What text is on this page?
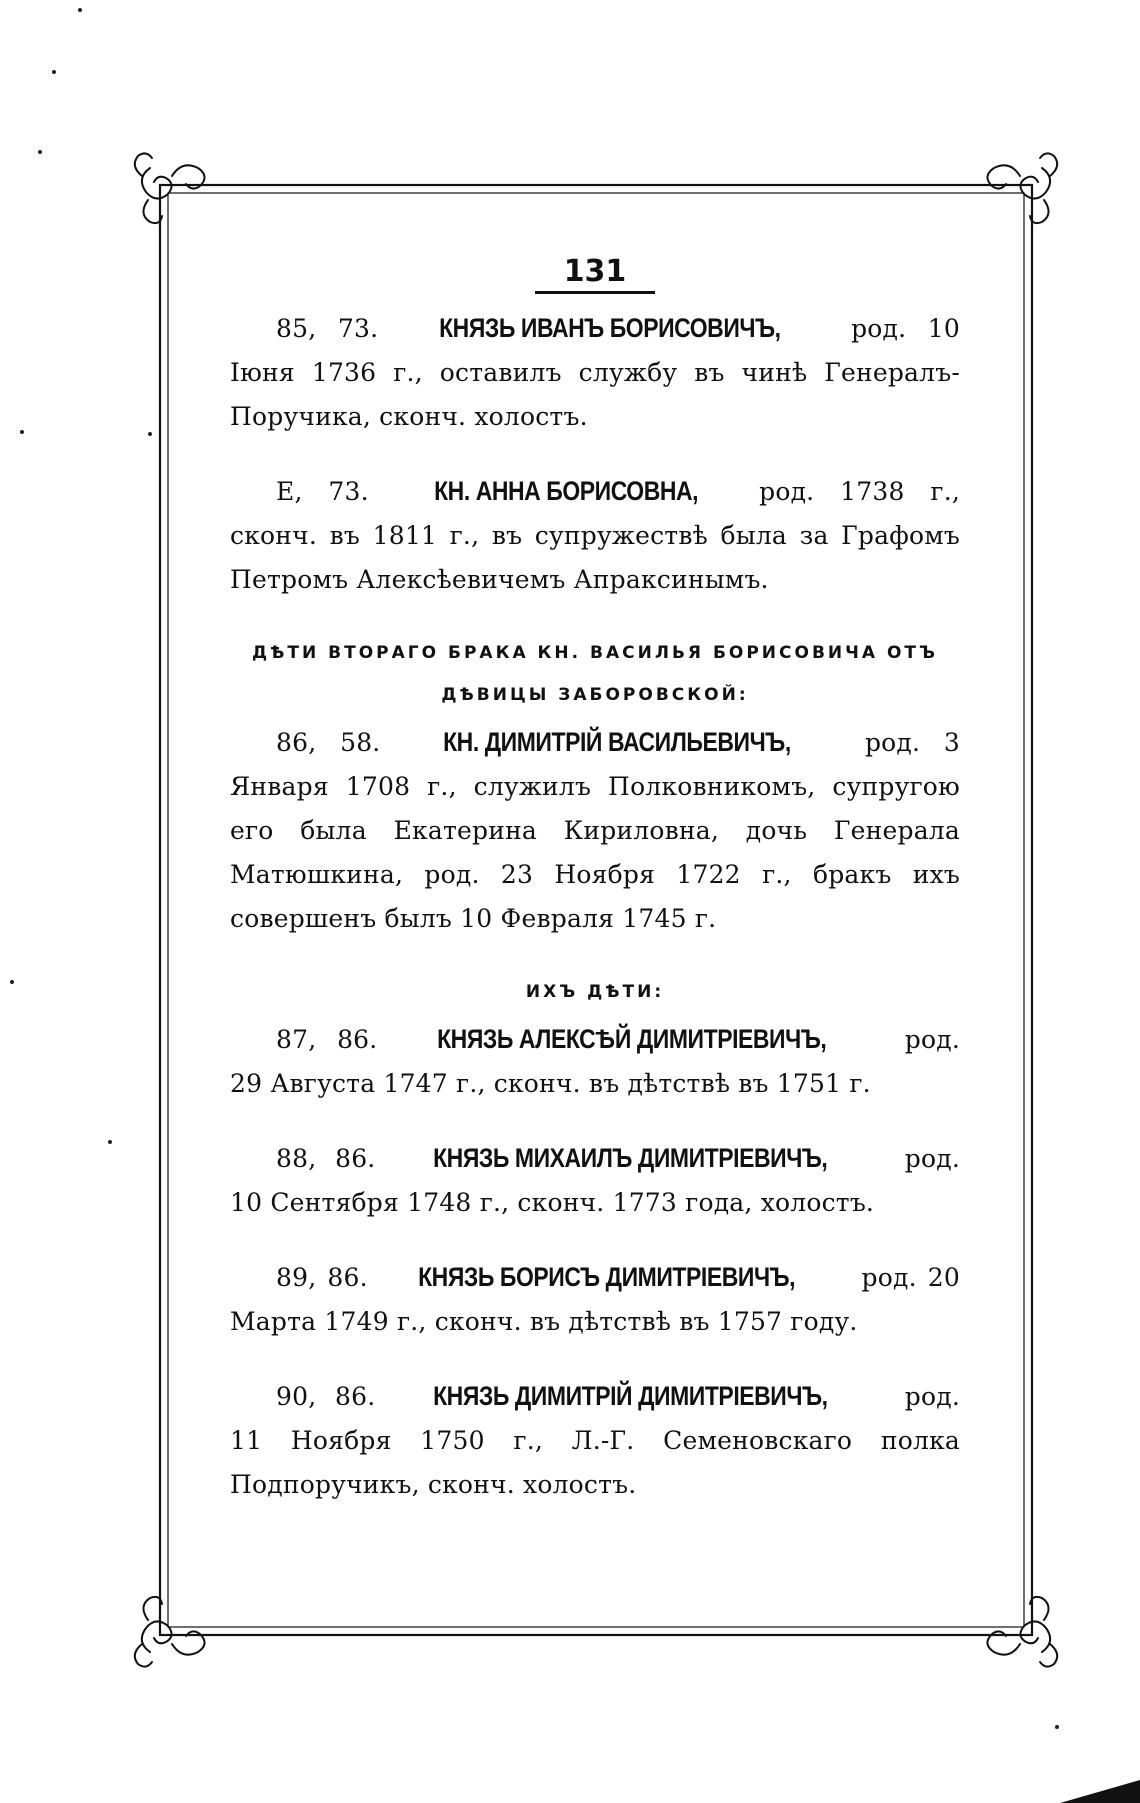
131

85, 73. КНЯЗЬ ИВАНЪ БОРИСОВИЧЪ,	род. 10 Іюня 1736 г., оставилъ службу въ чинѣ Генералъ-Поручика, сконч. холостъ.

Е, 73. КН. АННА БОРИСОВНА, род. 1738 г., сконч. въ 1811 г., въ супружествѣ была за Графомъ Петромъ Алексѣевичемъ Апраксинымъ.

ДѢТИ ВТОРАГО БРАКА КН. ВАСИЛЬЯ БОРИСОВИЧА ОТЪ
ДѢВИЦЫ ЗАБОРОВСКОЙ:

86, 58. КН. ДИМИТРІЙ ВАСИЛЬЕВИЧЪ,	род. 3 Января 1708 г., служилъ Полковникомъ, супругою его была Екатерина Кириловна, дочь Генерала Матюшкина, род. 23 Ноября 1722 г., бракъ ихъ совершенъ былъ 10 Февраля 1745 г.

ИХЪ ДѢТИ:

87, 86. КНЯЗЬ АЛЕКСѢЙ ДИМИТРІЕВИЧЪ,	род. 29 Августа 1747 г., сконч. въ дѣтствѣ въ 1751 г.

88, 86. КНЯЗЬ МИХАИЛЪ ДИМИТРІЕВИЧЪ,	род. 10 Сентября 1748 г., сконч. 1773 года, холостъ.

89, 86. КНЯЗЬ БОРИСЪ ДИМИТРІЕВИЧЪ,	род. 20 Марта 1749 г., сконч. въ дѣтствѣ въ 1757 году.

90, 86. КНЯЗЬ ДИМИТРІЙ ДИМИТРІЕВИЧЪ,	род. 11 Ноября 1750 г., Л.-Г. Семеновскаго полка Подпоручикъ, сконч. холостъ.
